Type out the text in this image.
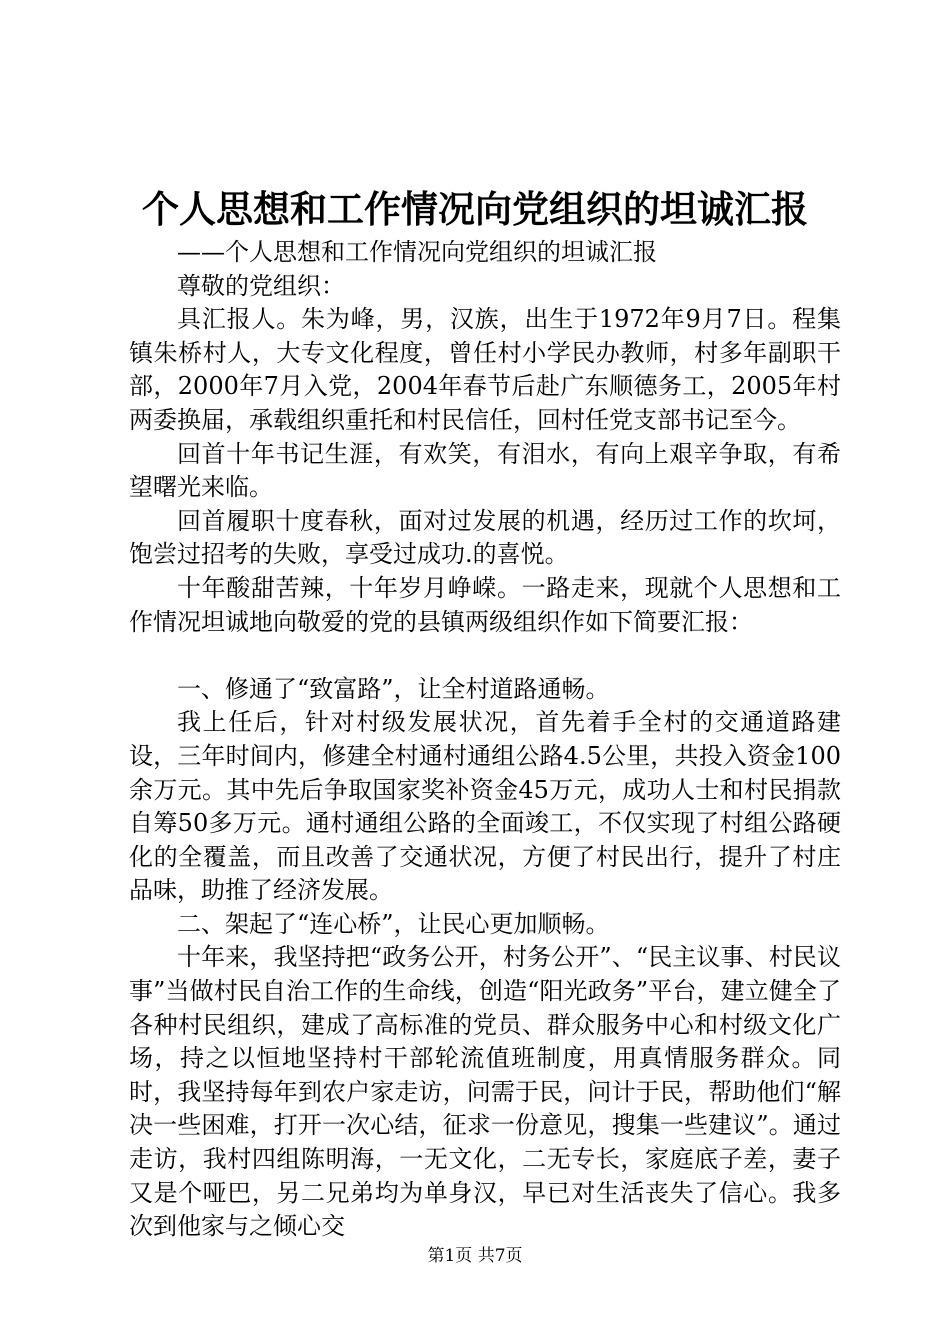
个人思想和工作情况向党组织的坦诚汇报

——个人思想和工作情况向党组织的坦诚汇报

尊敬的党组织：

具汇报人。朱为峰，男，汉族，出生于1972年9月7日。程集镇朱桥村人，大专文化程度，曾任村小学民办教师，村多年副职干部，2000年7月入党，2004年春节后赴广东顺德务工，2005年村两委换届，承载组织重托和村民信任，回村任党支部书记至今。

回首十年书记生涯，有欢笑，有泪水，有向上艰辛争取，有希望曙光来临。

回首履职十度春秋，面对过发展的机遇，经历过工作的坎坷，饱尝过招考的失败，享受过成功.的喜悦。

十年酸甜苦辣，十年岁月峥嵘。一路走来，现就个人思想和工作情况坦诚地向敬爱的党的县镇两级组织作如下简要汇报：

一、修通了“致富路”，让全村道路通畅。

我上任后，针对村级发展状况，首先着手全村的交通道路建设，三年时间内，修建全村通村通组公路4.5公里，共投入资金100余万元。其中先后争取国家奖补资金45万元，成功人士和村民捐款自筹50多万元。通村通组公路的全面竣工，不仅实现了村组公路硬化的全覆盖，而且改善了交通状况，方便了村民出行，提升了村庄品味，助推了经济发展。

二、架起了“连心桥”，让民心更加顺畅。

十年来，我坚持把“政务公开，村务公开”、“民主议事、村民议事”当做村民自治工作的生命线，创造“阳光政务”平台，建立健全了各种村民组织，建成了高标准的党员、群众服务中心和村级文化广场，持之以恒地坚持村干部轮流值班制度，用真情服务群众。同时，我坚持每年到农户家走访，问需于民，问计于民，帮助他们“解决一些困难，打开一次心结，征求一份意见，搜集一些建议”。通过走访，我村四组陈明海，一无文化，二无专长，家庭底子差，妻子又是个哑巴，另二兄弟均为单身汉，早已对生活丧失了信心。我多次到他家与之倾心交

第1页 共7页
